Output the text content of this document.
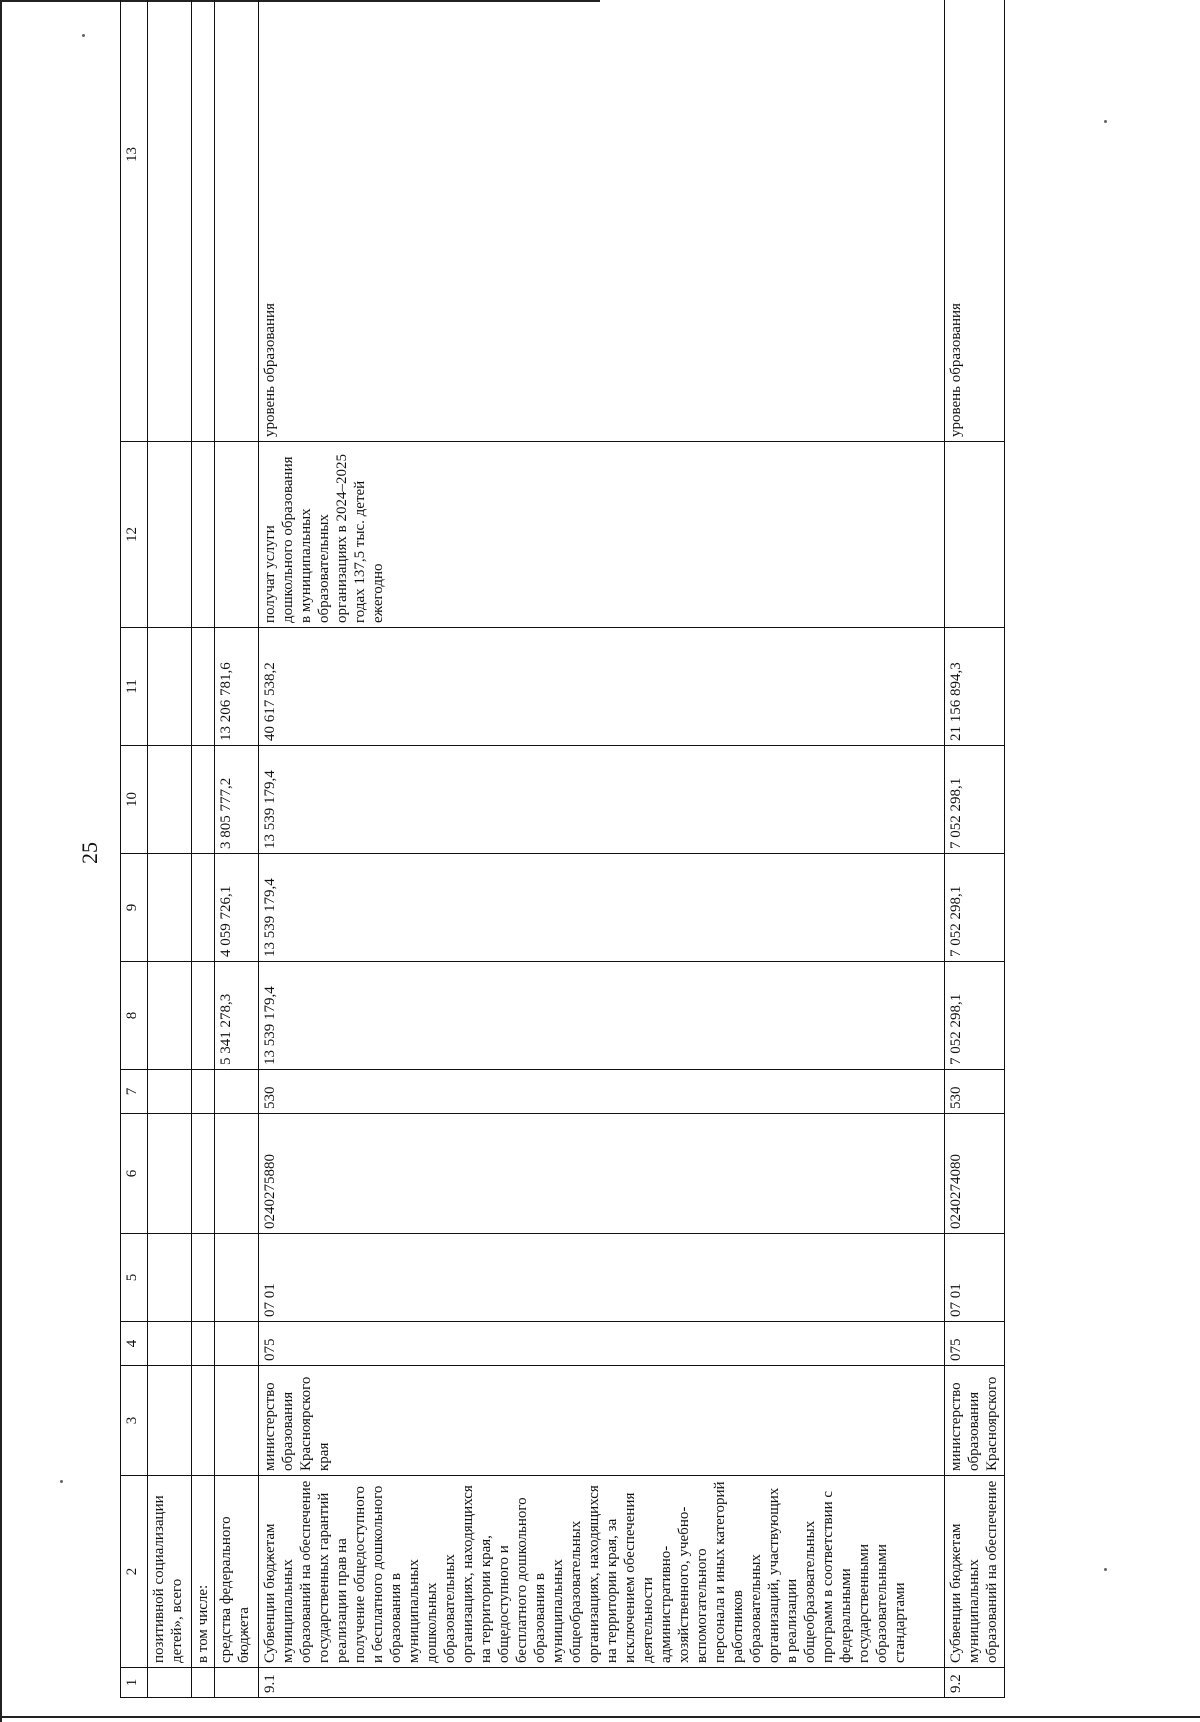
25
1	2	3	4	5	6	7	8	9	10	11	12	13
	позитивной социализации детей», всего											
	в том числе:											
	средства федерального бюджета						5 341 278,3	4 059 726,1	3 805 777,2	13 206 781,6		
9.1	Субвенции бюджетам муниципальных образований на обеспечение государственных гарантий реализации прав на получение общедоступного и бесплатного дошкольного образования в муниципальных дошкольных образовательных организациях, находящихся на территории края, общедоступного и бесплатного дошкольного образования в муниципальных общеобразовательных организациях, находящихся на территории края, за исключением обеспечения деятельности административно-хозяйственного, учебно-вспомогательного персонала и иных категорий работников образовательных организаций, участвующих в реализации общеобразовательных программ в соответствии с федеральными государственными образовательными стандартами	министерство образования Красноярского края	075	07 01	0240275880	530	13 539 179,4	13 539 179,4	13 539 179,4	40 617 538,2	получат услуги дошкольного образования в муниципальных образовательных организациях в 2024–2025 годах 137,5 тыс. детей ежегодно	уровень образования
9.2	Субвенции бюджетам муниципальных образований на обеспечение	министерство образования Красноярского	075	07 01	0240274080	530	7 052 298,1	7 052 298,1	7 052 298,1	21 156 894,3		уровень образования
